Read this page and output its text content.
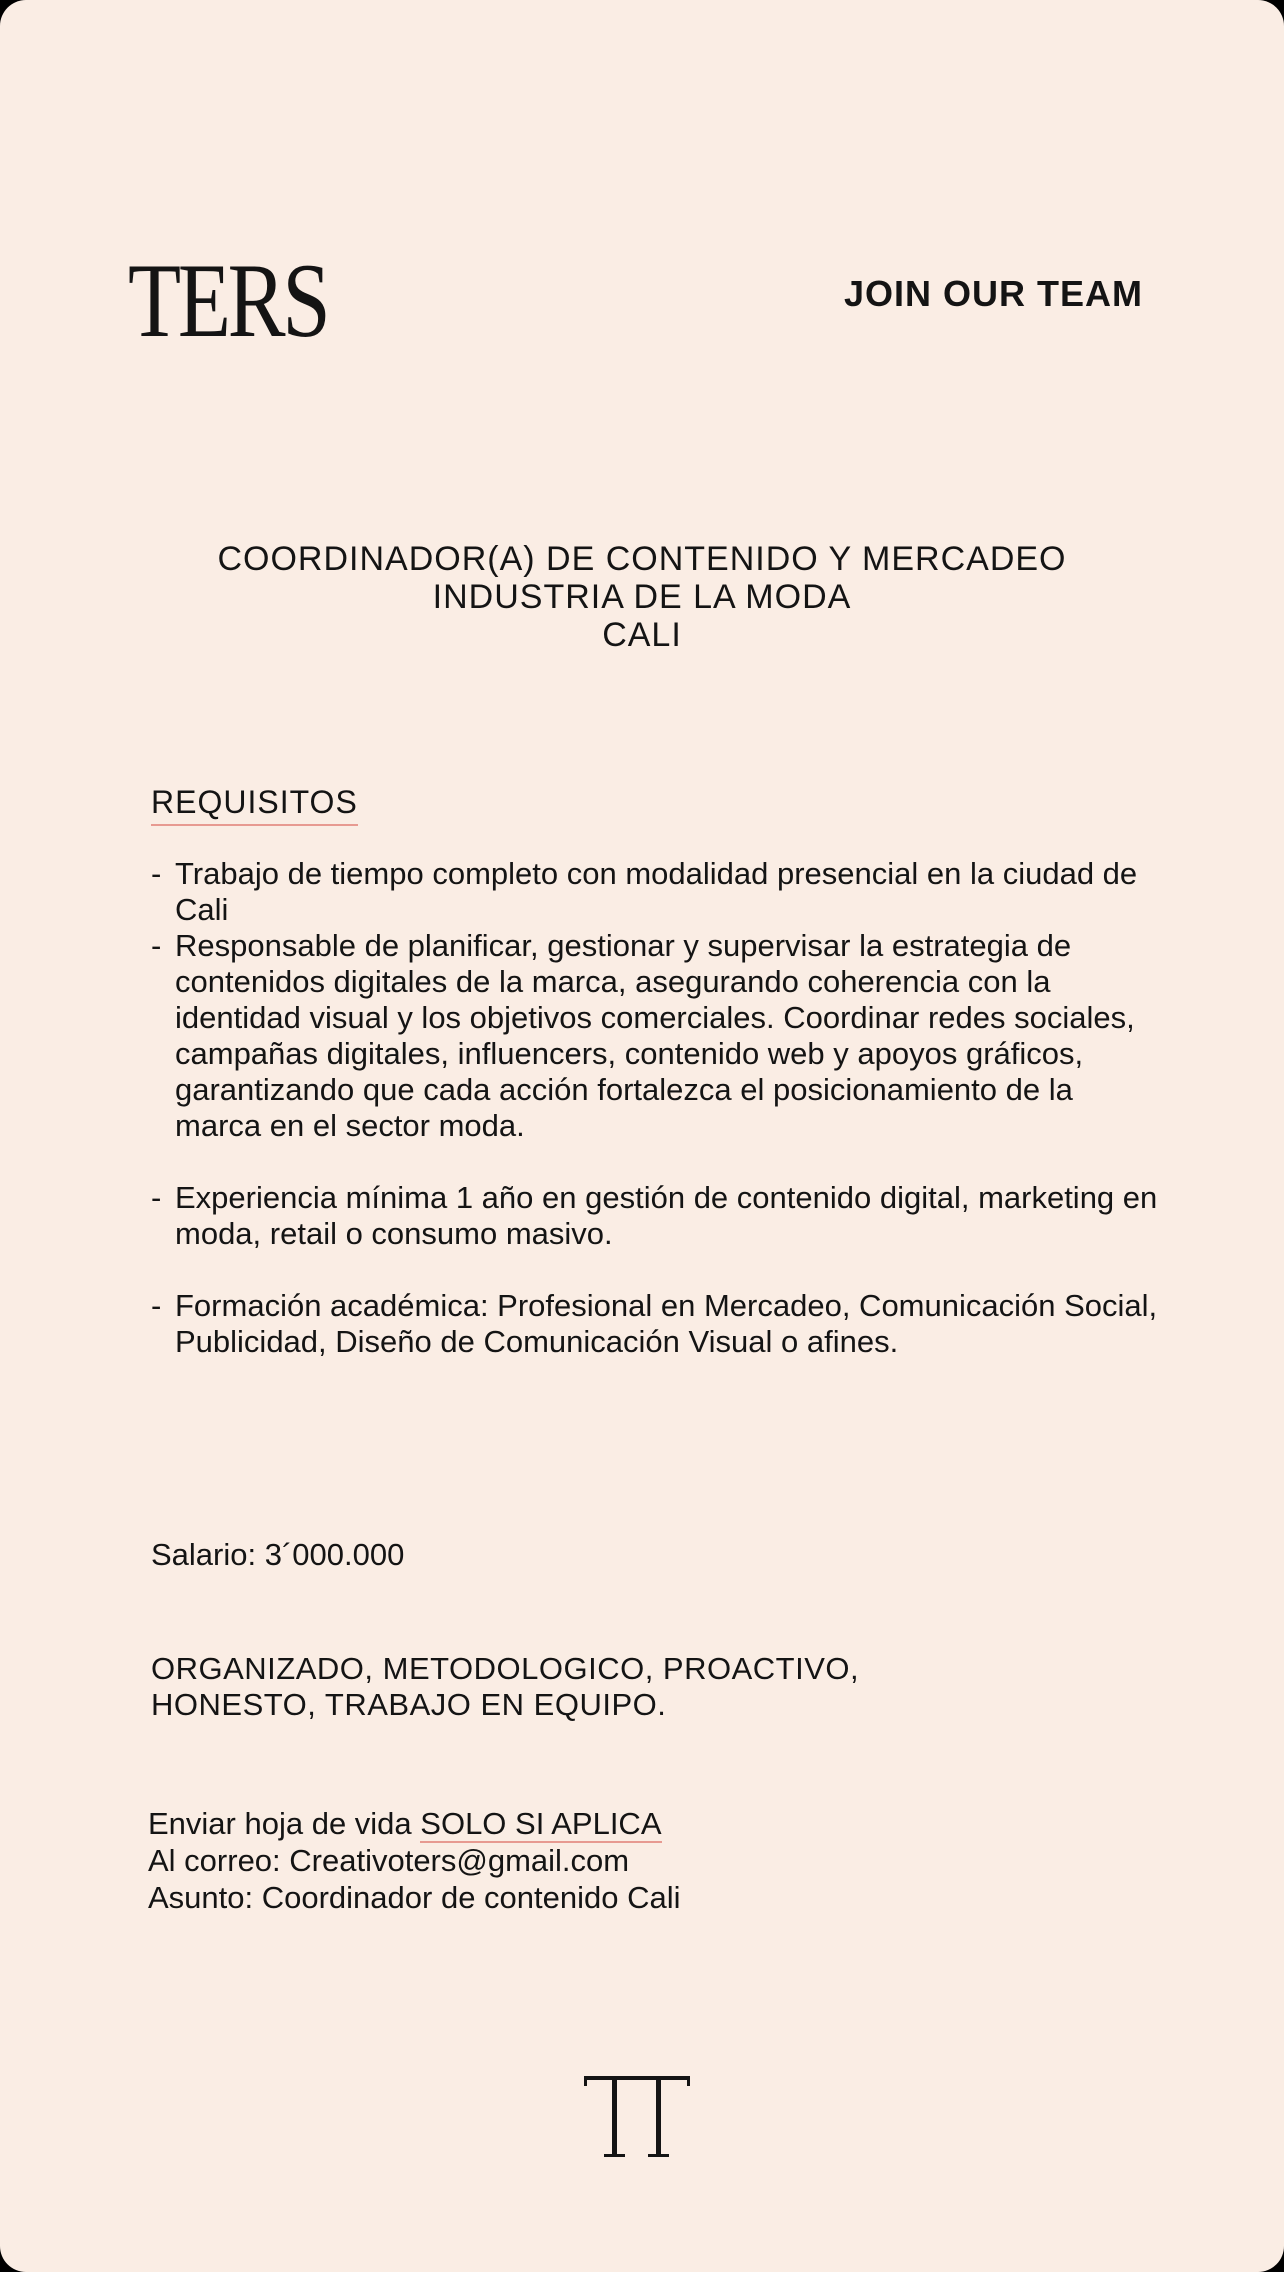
TERS	JOIN OUR TEAM
COORDINADOR(A) DE CONTENIDO Y MERCADEO
INDUSTRIA DE LA MODA
CALI
REQUISITOS
- Trabajo de tiempo completo con modalidad presencial en la ciudad de Cali
- Responsable de planificar, gestionar y supervisar la estrategia de contenidos digitales de la marca, asegurando coherencia con la identidad visual y los objetivos comerciales. Coordinar redes sociales, campañas digitales, influencers, contenido web y apoyos gráficos, garantizando que cada acción fortalezca el posicionamiento de la marca en el sector moda.
- Experiencia mínima 1 año en gestión de contenido digital, marketing en moda, retail o consumo masivo.
- Formación académica: Profesional en Mercadeo, Comunicación Social, Publicidad, Diseño de Comunicación Visual o afines.
Salario: 3´000.000
ORGANIZADO, METODOLOGICO, PROACTIVO,
HONESTO, TRABAJO EN EQUIPO.
Enviar hoja de vida SOLO SI APLICA
Al correo: Creativoters@gmail.com
Asunto: Coordinador de contenido Cali
